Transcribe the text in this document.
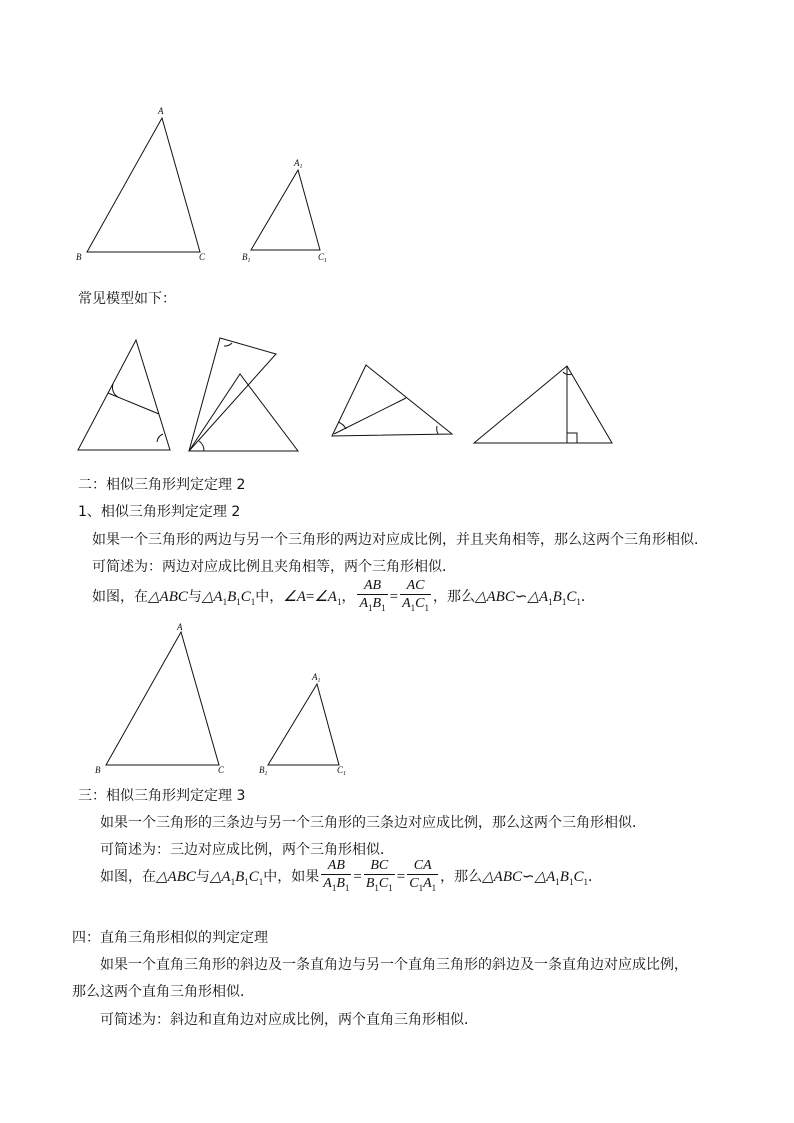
A
B	C
$A_1$
$B_1$	$C_1$
常见模型如下：
二：相似三角形判定定理 2
1、相似三角形判定定理 2
如果一个三角形的两边与另一个三角形的两边对应成比例，并且夹角相等，那么这两个三角形相似．
可简述为：两边对应成比例且夹角相等，两个三角形相似．
如图，在△ABC与$\triangle A_1B_1C_1$中，$\angle A=\angle A_1$， $\frac{AB}{A_1B_1} = \frac{AC}{A_1C_1}$ ，那么$\triangle ABC∽\triangle A_1B_1C_1$．
A
B	C
$A_1$
$B_1$	$C_1$
三：相似三角形判定定理 3
如果一个三角形的三条边与另一个三角形的三条边对应成比例，那么这两个三角形相似．
可简述为：三边对应成比例，两个三角形相似．
如图，在△ABC与$\triangle A_1B_1C_1$中，如果 $\frac{AB}{A_1B_1} = \frac{BC}{B_1C_1} = \frac{CA}{C_1A_1}$ ，那么$\triangle ABC∽\triangle A_1B_1C_1$．
四：直角三角形相似的判定定理
如果一个直角三角形的斜边及一条直角边与另一个直角三角形的斜边及一条直角边对应成比例，
那么这两个直角三角形相似．
可简述为：斜边和直角边对应成比例，两个直角三角形相似．
